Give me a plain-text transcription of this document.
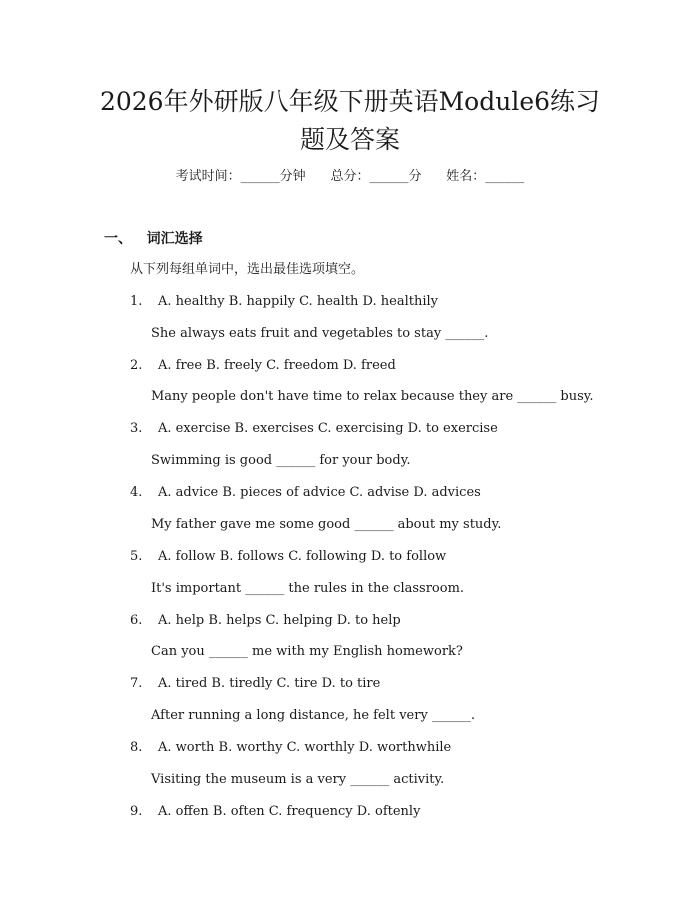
2026年外研版八年级下册英语Module6练习
题及答案
考试时间：______分钟 总分：______分 姓名：______
一、 词汇选择
从下列每组单词中，选出最佳选项填空。
1. A. healthy B. happily C. health D. healthily
She always eats fruit and vegetables to stay ______.
2. A. free B. freely C. freedom D. freed
Many people don't have time to relax because they are ______ busy.
3. A. exercise B. exercises C. exercising D. to exercise
Swimming is good ______ for your body.
4. A. advice B. pieces of advice C. advise D. advices
My father gave me some good ______ about my study.
5. A. follow B. follows C. following D. to follow
It's important ______ the rules in the classroom.
6. A. help B. helps C. helping D. to help
Can you ______ me with my English homework?
7. A. tired B. tiredly C. tire D. to tire
After running a long distance, he felt very ______.
8. A. worth B. worthy C. worthly D. worthwhile
Visiting the museum is a very ______ activity.
9. A. offen B. often C. frequency D. oftenly
